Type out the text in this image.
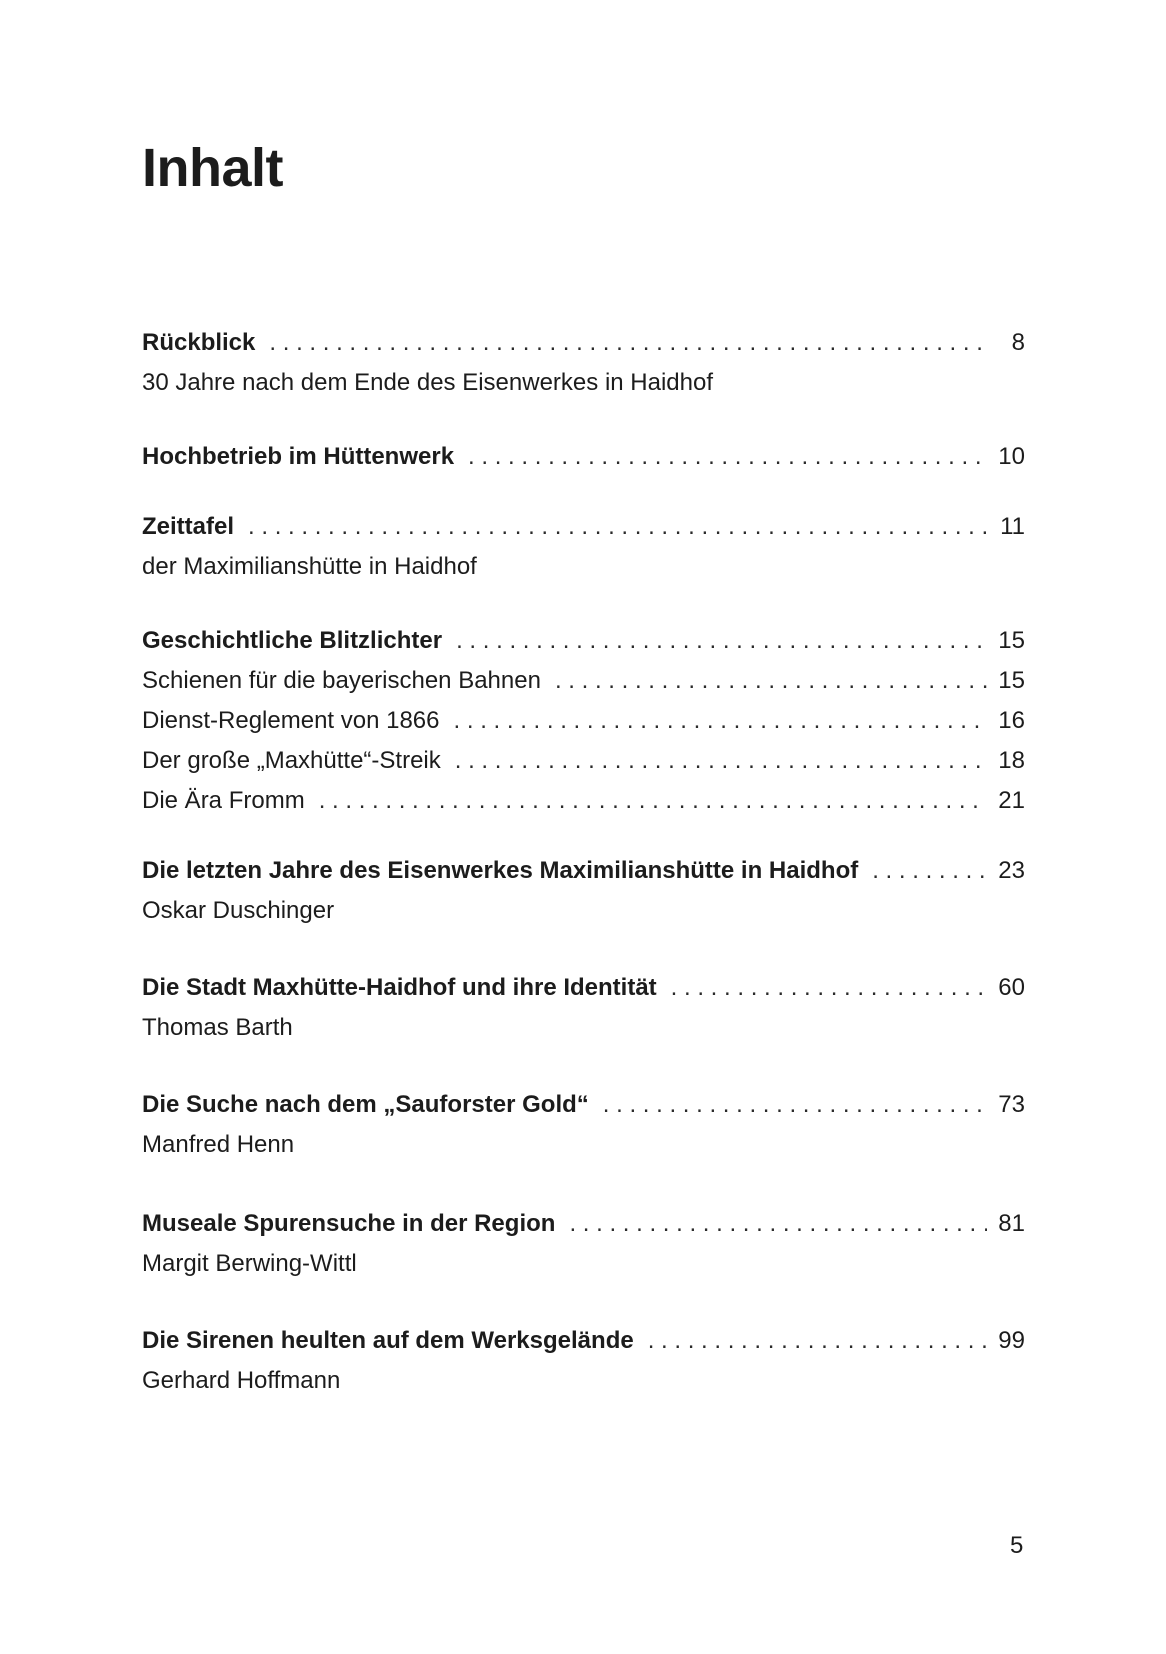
Inhalt
Rückblick . . .	8
30 Jahre nach dem Ende des Eisenwerkes in Haidhof
Hochbetrieb im Hüttenwerk . . .	10
Zeittafel . . .	11
der Maximilianshütte in Haidhof
Geschichtliche Blitzlichter . . .	15
Schienen für die bayerischen Bahnen . . .	15
Dienst-Reglement von 1866 . . .	16
Der große „Maxhütte“-Streik . . .	18
Die Ära Fromm . . .	21
Die letzten Jahre des Eisenwerkes Maximilianshütte in Haidhof . . .	23
Oskar Duschinger
Die Stadt Maxhütte-Haidhof und ihre Identität . . .	60
Thomas Barth
Die Suche nach dem „Sauforster Gold“ . . .	73
Manfred Henn
Museale Spurensuche in der Region . . .	81
Margit Berwing-Wittl
Die Sirenen heulten auf dem Werksgelände . . .	99
Gerhard Hoffmann
5
